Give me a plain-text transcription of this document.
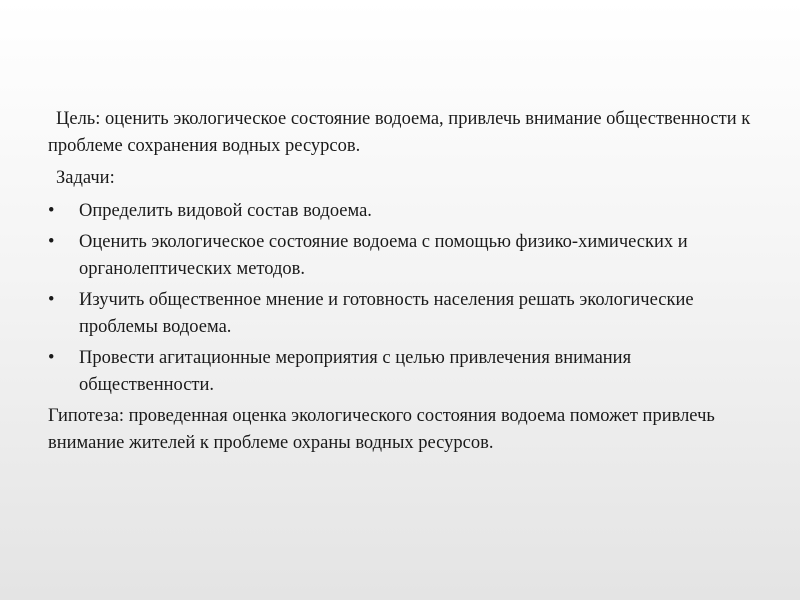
Цель: оценить экологическое состояние водоема, привлечь внимание общественности к проблеме сохранения водных ресурсов.

Задачи:

• Определить видовой состав водоема.
• Оценить экологическое состояние водоема с помощью физико-химических и органолептических методов.
• Изучить общественное мнение и готовность населения решать экологические проблемы водоема.
• Провести агитационные мероприятия с целью привлечения внимания общественности.

Гипотеза: проведенная оценка экологического состояния водоема поможет привлечь внимание жителей к проблеме охраны водных ресурсов.
